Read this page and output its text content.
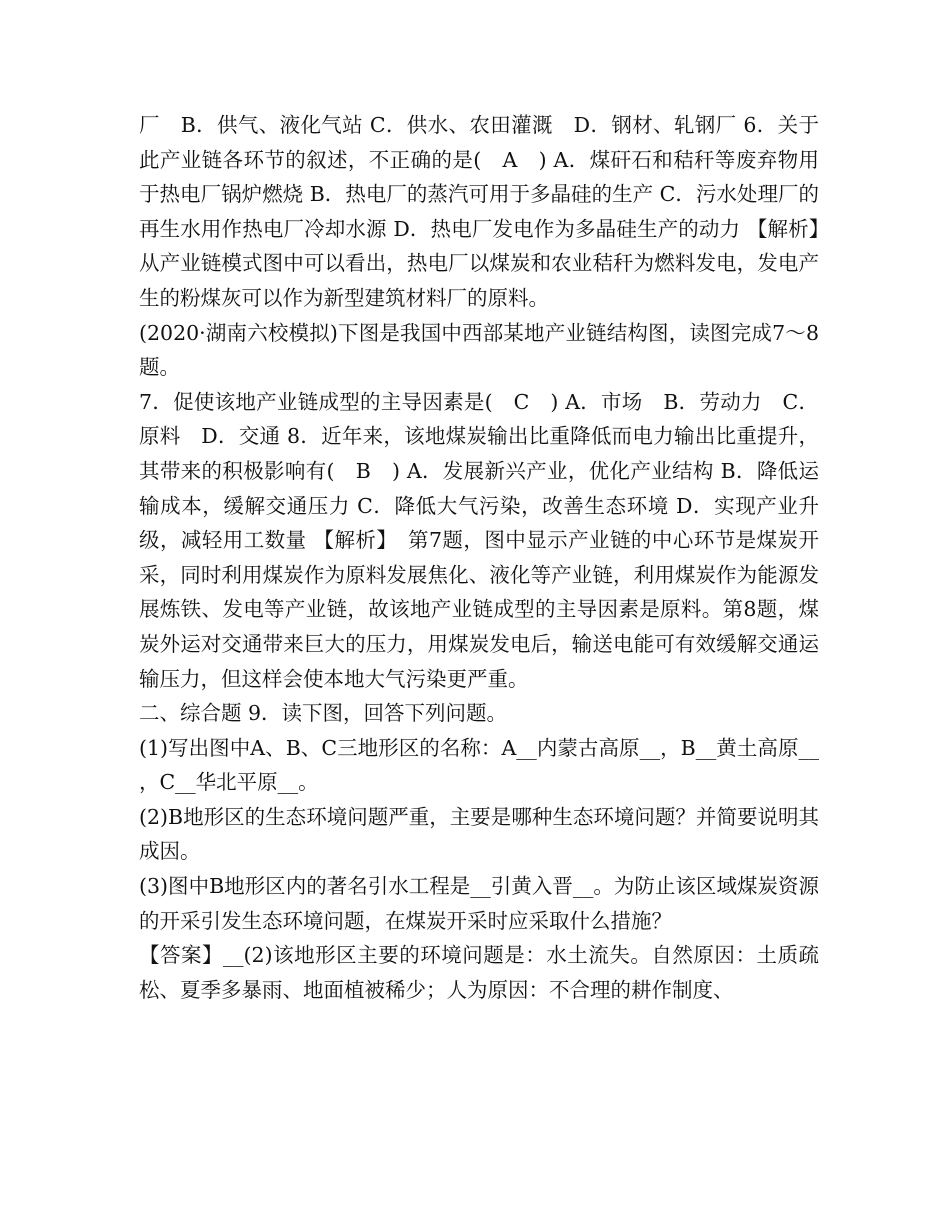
厂　B．供气、液化气站 C．供水、农田灌溉　D．钢材、轧钢厂 6．关于此产业链各环节的叙述，不正确的是(　A　) A．煤矸石和秸秆等废弃物用于热电厂锅炉燃烧 B．热电厂的蒸汽可用于多晶硅的生产 C．污水处理厂的再生水用作热电厂冷却水源 D．热电厂发电作为多晶硅生产的动力 【解析】　从产业链模式图中可以看出，热电厂以煤炭和农业秸秆为燃料发电，发电产生的粉煤灰可以作为新型建筑材料厂的原料。

(2020·湖南六校模拟)下图是我国中西部某地产业链结构图，读图完成7～8题。

7．促使该地产业链成型的主导因素是(　C　) A．市场　B．劳动力　C．原料　D．交通 8．近年来，该地煤炭输出比重降低而电力输出比重提升，其带来的积极影响有(　B　) A．发展新兴产业，优化产业结构 B．降低运输成本，缓解交通压力 C．降低大气污染，改善生态环境 D．实现产业升级，减轻用工数量 【解析】　第7题，图中显示产业链的中心环节是煤炭开采，同时利用煤炭作为原料发展焦化、液化等产业链，利用煤炭作为能源发展炼铁、发电等产业链，故该地产业链成型的主导因素是原料。第8题，煤炭外运对交通带来巨大的压力，用煤炭发电后，输送电能可有效缓解交通运输压力，但这样会使本地大气污染更严重。

二、综合题 9．读下图，回答下列问题。

(1)写出图中A、B、C三地形区的名称：A__内蒙古高原__，B__黄土高原__，C__华北平原__。

(2)B地形区的生态环境问题严重，主要是哪种生态环境问题？并简要说明其成因。

(3)图中B地形区内的著名引水工程是__引黄入晋__。为防止该区域煤炭资源的开采引发生态环境问题，在煤炭开采时应采取什么措施？

【答案】__(2)该地形区主要的环境问题是：水土流失。自然原因：土质疏松、夏季多暴雨、地面植被稀少；人为原因：不合理的耕作制度、
